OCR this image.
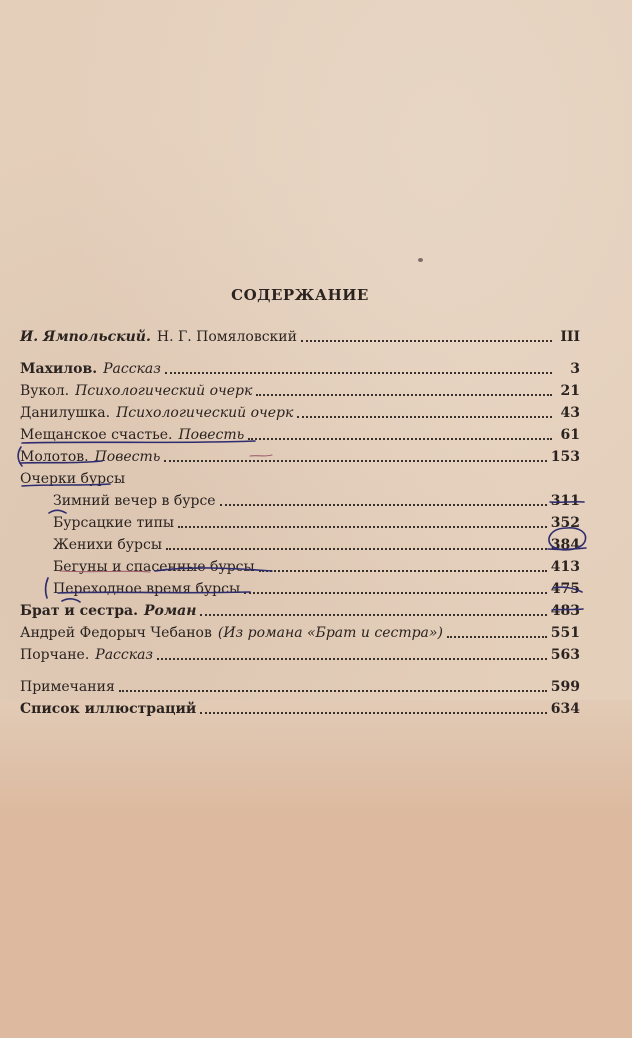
СОДЕРЖАНИЕ
И. Ямпольский. Н. Г. Помяловский	III
Махилов. Рассказ	3
Вукол. Психологический очерк	21
Данилушка. Психологический очерк	43
Мещанское счастье. Повесть	61
Молотов. Повесть	153
Очерки бурсы
Зимний вечер в бурсе	311
Бурсацкие типы	352
Женихи бурсы	384
Бегуны и спасенные бурсы	413
Переходное время бурсы	475
Брат и сестра. Роман	483
Андрей Федорыч Чебанов (Из романа «Брат и сестра»)	551
Порчане. Рассказ	563
Примечания	599
Список иллюстраций	634
